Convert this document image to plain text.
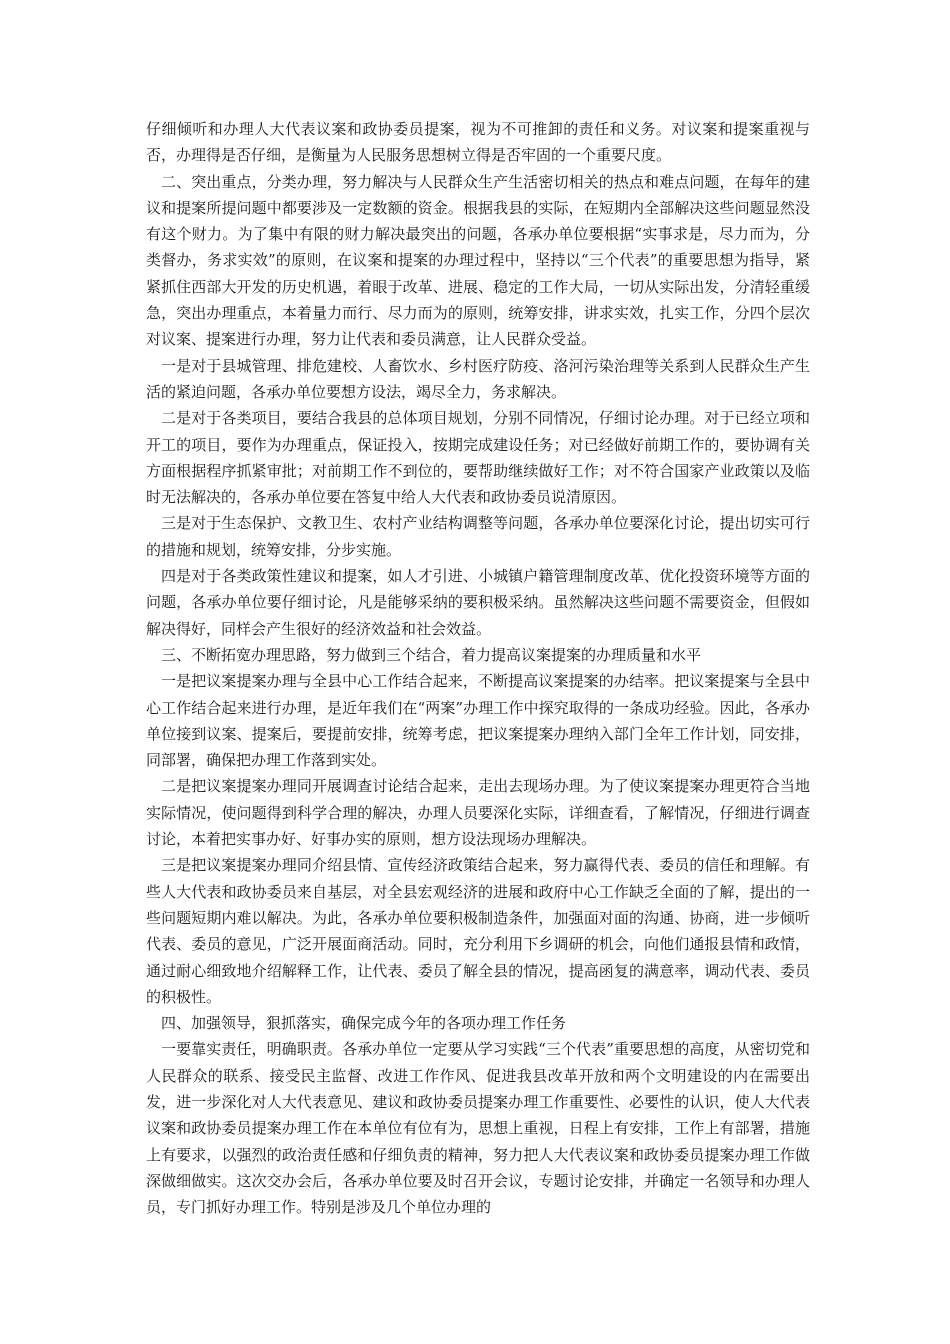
仔细倾听和办理人大代表议案和政协委员提案，视为不可推卸的责任和义务。对议案和提案重视与否，办理得是否仔细，是衡量为人民服务思想树立得是否牢固的一个重要尺度。

二、突出重点，分类办理，努力解决与人民群众生产生活密切相关的热点和难点问题，在每年的建议和提案所提问题中都要涉及一定数额的资金。根据我县的实际，在短期内全部解决这些问题显然没有这个财力。为了集中有限的财力解决最突出的问题，各承办单位要根据“实事求是，尽力而为，分类督办，务求实效”的原则，在议案和提案的办理过程中，坚持以“三个代表”的重要思想为指导，紧紧抓住西部大开发的历史机遇，着眼于改革、进展、稳定的工作大局，一切从实际出发，分清轻重缓急，突出办理重点，本着量力而行、尽力而为的原则，统筹安排，讲求实效，扎实工作，分四个层次对议案、提案进行办理，努力让代表和委员满意，让人民群众受益。

一是对于县城管理、排危建校、人畜饮水、乡村医疗防疫、洛河污染治理等关系到人民群众生产生活的紧迫问题，各承办单位要想方设法，竭尽全力，务求解决。

二是对于各类项目，要结合我县的总体项目规划，分别不同情况，仔细讨论办理。对于已经立项和开工的项目，要作为办理重点，保证投入，按期完成建设任务；对已经做好前期工作的，要协调有关方面根据程序抓紧审批；对前期工作不到位的，要帮助继续做好工作；对不符合国家产业政策以及临时无法解决的，各承办单位要在答复中给人大代表和政协委员说清原因。

三是对于生态保护、文教卫生、农村产业结构调整等问题，各承办单位要深化讨论，提出切实可行的措施和规划，统筹安排，分步实施。

四是对于各类政策性建议和提案，如人才引进、小城镇户籍管理制度改革、优化投资环境等方面的问题，各承办单位要仔细讨论，凡是能够采纳的要积极采纳。虽然解决这些问题不需要资金，但假如解决得好，同样会产生很好的经济效益和社会效益。

三、不断拓宽办理思路，努力做到三个结合，着力提高议案提案的办理质量和水平

一是把议案提案办理与全县中心工作结合起来，不断提高议案提案的办结率。把议案提案与全县中心工作结合起来进行办理，是近年我们在“两案”办理工作中探究取得的一条成功经验。因此，各承办单位接到议案、提案后，要提前安排，统筹考虑，把议案提案办理纳入部门全年工作计划，同安排，同部署，确保把办理工作落到实处。

二是把议案提案办理同开展调查讨论结合起来，走出去现场办理。为了使议案提案办理更符合当地实际情况，使问题得到科学合理的解决，办理人员要深化实际，详细查看，了解情况，仔细进行调查讨论，本着把实事办好、好事办实的原则，想方设法现场办理解决。

三是把议案提案办理同介绍县情、宣传经济政策结合起来，努力赢得代表、委员的信任和理解。有些人大代表和政协委员来自基层，对全县宏观经济的进展和政府中心工作缺乏全面的了解，提出的一些问题短期内难以解决。为此，各承办单位要积极制造条件，加强面对面的沟通、协商，进一步倾听代表、委员的意见，广泛开展面商活动。同时，充分利用下乡调研的机会，向他们通报县情和政情，通过耐心细致地介绍解释工作，让代表、委员了解全县的情况，提高函复的满意率，调动代表、委员的积极性。

四、加强领导，狠抓落实，确保完成今年的各项办理工作任务

一要靠实责任，明确职责。各承办单位一定要从学习实践“三个代表”重要思想的高度，从密切党和人民群众的联系、接受民主监督、改进工作作风、促进我县改革开放和两个文明建设的内在需要出发，进一步深化对人大代表意见、建议和政协委员提案办理工作重要性、必要性的认识，使人大代表议案和政协委员提案办理工作在本单位有位有为，思想上重视，日程上有安排，工作上有部署，措施上有要求，以强烈的政治责任感和仔细负责的精神，努力把人大代表议案和政协委员提案办理工作做深做细做实。这次交办会后，各承办单位要及时召开会议，专题讨论安排，并确定一名领导和办理人员，专门抓好办理工作。特别是涉及几个单位办理的
